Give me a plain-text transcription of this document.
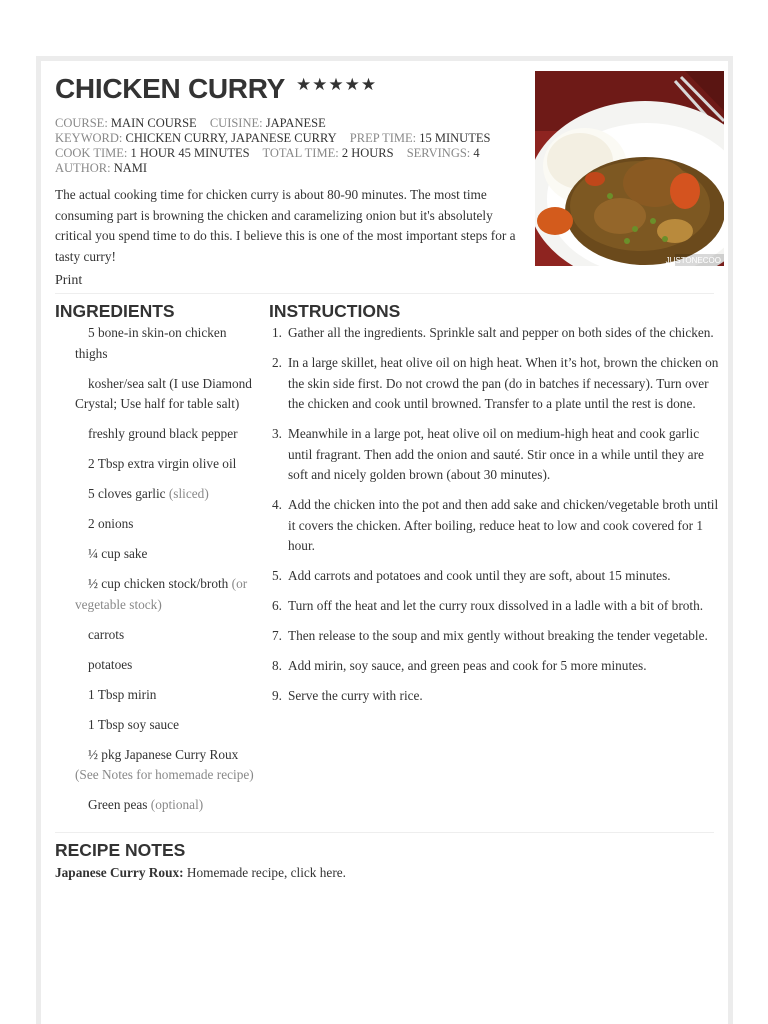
CHICKEN CURRY ★★★★★
COURSE: MAIN COURSE CUISINE: JAPANESE
KEYWORD: CHICKEN CURRY, JAPANESE CURRY PREP TIME: 15 MINUTES
COOK TIME: 1 HOUR 45 MINUTES TOTAL TIME: 2 HOURS SERVINGS: 4
AUTHOR: NAMI

The actual cooking time for chicken curry is about 80-90 minutes. The most time consuming part is browning the chicken and caramelizing onion but it's absolutely critical you spend time to do this. I believe this is one of the most important steps for a tasty curry!	JUSTONECOO
Print
INGREDIENTS
5 bone-in skin-on chicken thighs
kosher/sea salt (I use Diamond Crystal; Use half for table salt)
freshly ground black pepper
2 Tbsp extra virgin olive oil
5 cloves garlic (sliced)
2 onions
¼ cup sake
½ cup chicken stock/broth (or vegetable stock)
carrots
potatoes
1 Tbsp mirin
1 Tbsp soy sauce
½ pkg Japanese Curry Roux (See Notes for homemade recipe)
Green peas (optional)
INSTRUCTIONS
1. Gather all the ingredients. Sprinkle salt and pepper on both sides of the chicken.
2. In a large skillet, heat olive oil on high heat. When it’s hot, brown the chicken on the skin side first. Do not crowd the pan (do in batches if necessary). Turn over the chicken and cook until browned. Transfer to a plate until the rest is done.
3. Meanwhile in a large pot, heat olive oil on medium-high heat and cook garlic until fragrant. Then add the onion and sauté. Stir once in a while until they are soft and nicely golden brown (about 30 minutes).
4. Add the chicken into the pot and then add sake and chicken/vegetable broth until it covers the chicken. After boiling, reduce heat to low and cook covered for 1 hour.
5. Add carrots and potatoes and cook until they are soft, about 15 minutes.
6. Turn off the heat and let the curry roux dissolved in a ladle with a bit of broth.
7. Then release to the soup and mix gently without breaking the tender vegetable.
8. Add mirin, soy sauce, and green peas and cook for 5 more minutes.
9. Serve the curry with rice.
RECIPE NOTES
Japanese Curry Roux: Homemade recipe, click here.
